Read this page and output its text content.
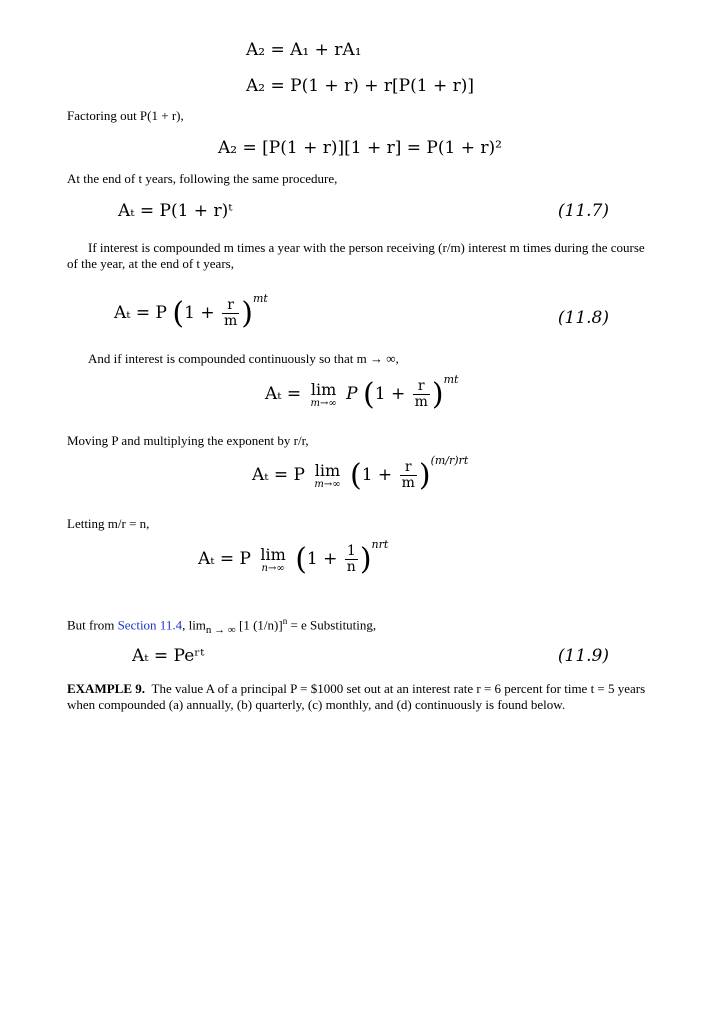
A₂ = A₁ + rA₁
A₂ = P(1 + r) + r[P(1 + r)]
Factoring out P(1 + r),
A₂ = [P(1 + r)][1 + r] = P(1 + r)²
At the end of t years, following the same procedure,
Aₜ = P(1 + r)ᵗ	(11.7)
If interest is compounded m times a year with the person receiving (r/m) interest m times during the course of the year, at the end of t years,
Aₜ = P $(1 + \frac{r}{m} )^{mt}$
(11.8)
And if interest is compounded continuously so that m → ∞,
Aₜ = lim
m→∞ P $(1 + \frac{r}{m} )^{mt}$
Moving P and multiplying the exponent by r/r,
Aₜ = P lim
m→∞ $(1 + \frac{r}{m} )^{(m/r)rt}$
Letting m/r = n,
Aₜ = P lim
n→∞ $(1 + \frac{1}{n} )^{nrt}$
But from Section 11.4, $\lim_{n \to \infty} [1$ (1/n)]$^n$ = e Substituting,
Aₜ = Peʳᵗ	(11.9)
EXAMPLE 9. The value A of a principal P = $1000 set out at an interest rate r = 6 percent for time t = 5 years when compounded (a) annually, (b) quarterly, (c) monthly, and (d) continuously is found below.
